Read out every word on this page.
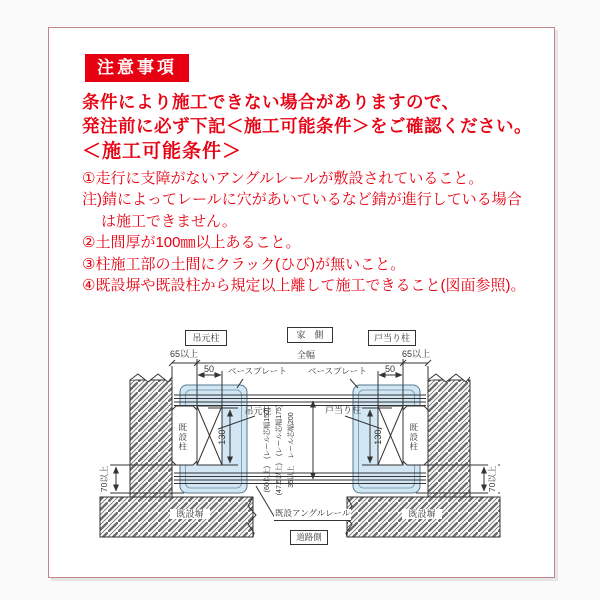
注意事項
条件により施工できない場合がありますので、
発注前に必ず下記＜施工可能条件＞をご確認ください。
＜施工可能条件＞
①走行に支障がないアングルレールが敷設されていること。
注)錆によってレールに穴があいているなど錆が進行している場合
は施工できません。
②土間厚が100㎜以上あること。
③柱施工部の土間にクラック(ひび)が無いこと。
④既設塀や既設柱から規定以上離して施工できること(図面参照)。
吊元柱	家　側	戸当り柱
道路側
65以上	65以上
全幅
50	50
130	130
70以上	70以上
ベースプレート	ベースプレート
吊元柱	戸当り柱
既設柱	既設柱
(60以上)　(レール芯幅150) (47.5以上)　(レール芯幅175) 35以上　レール芯幅200
既設塀	既設塀
既設アングルレール
